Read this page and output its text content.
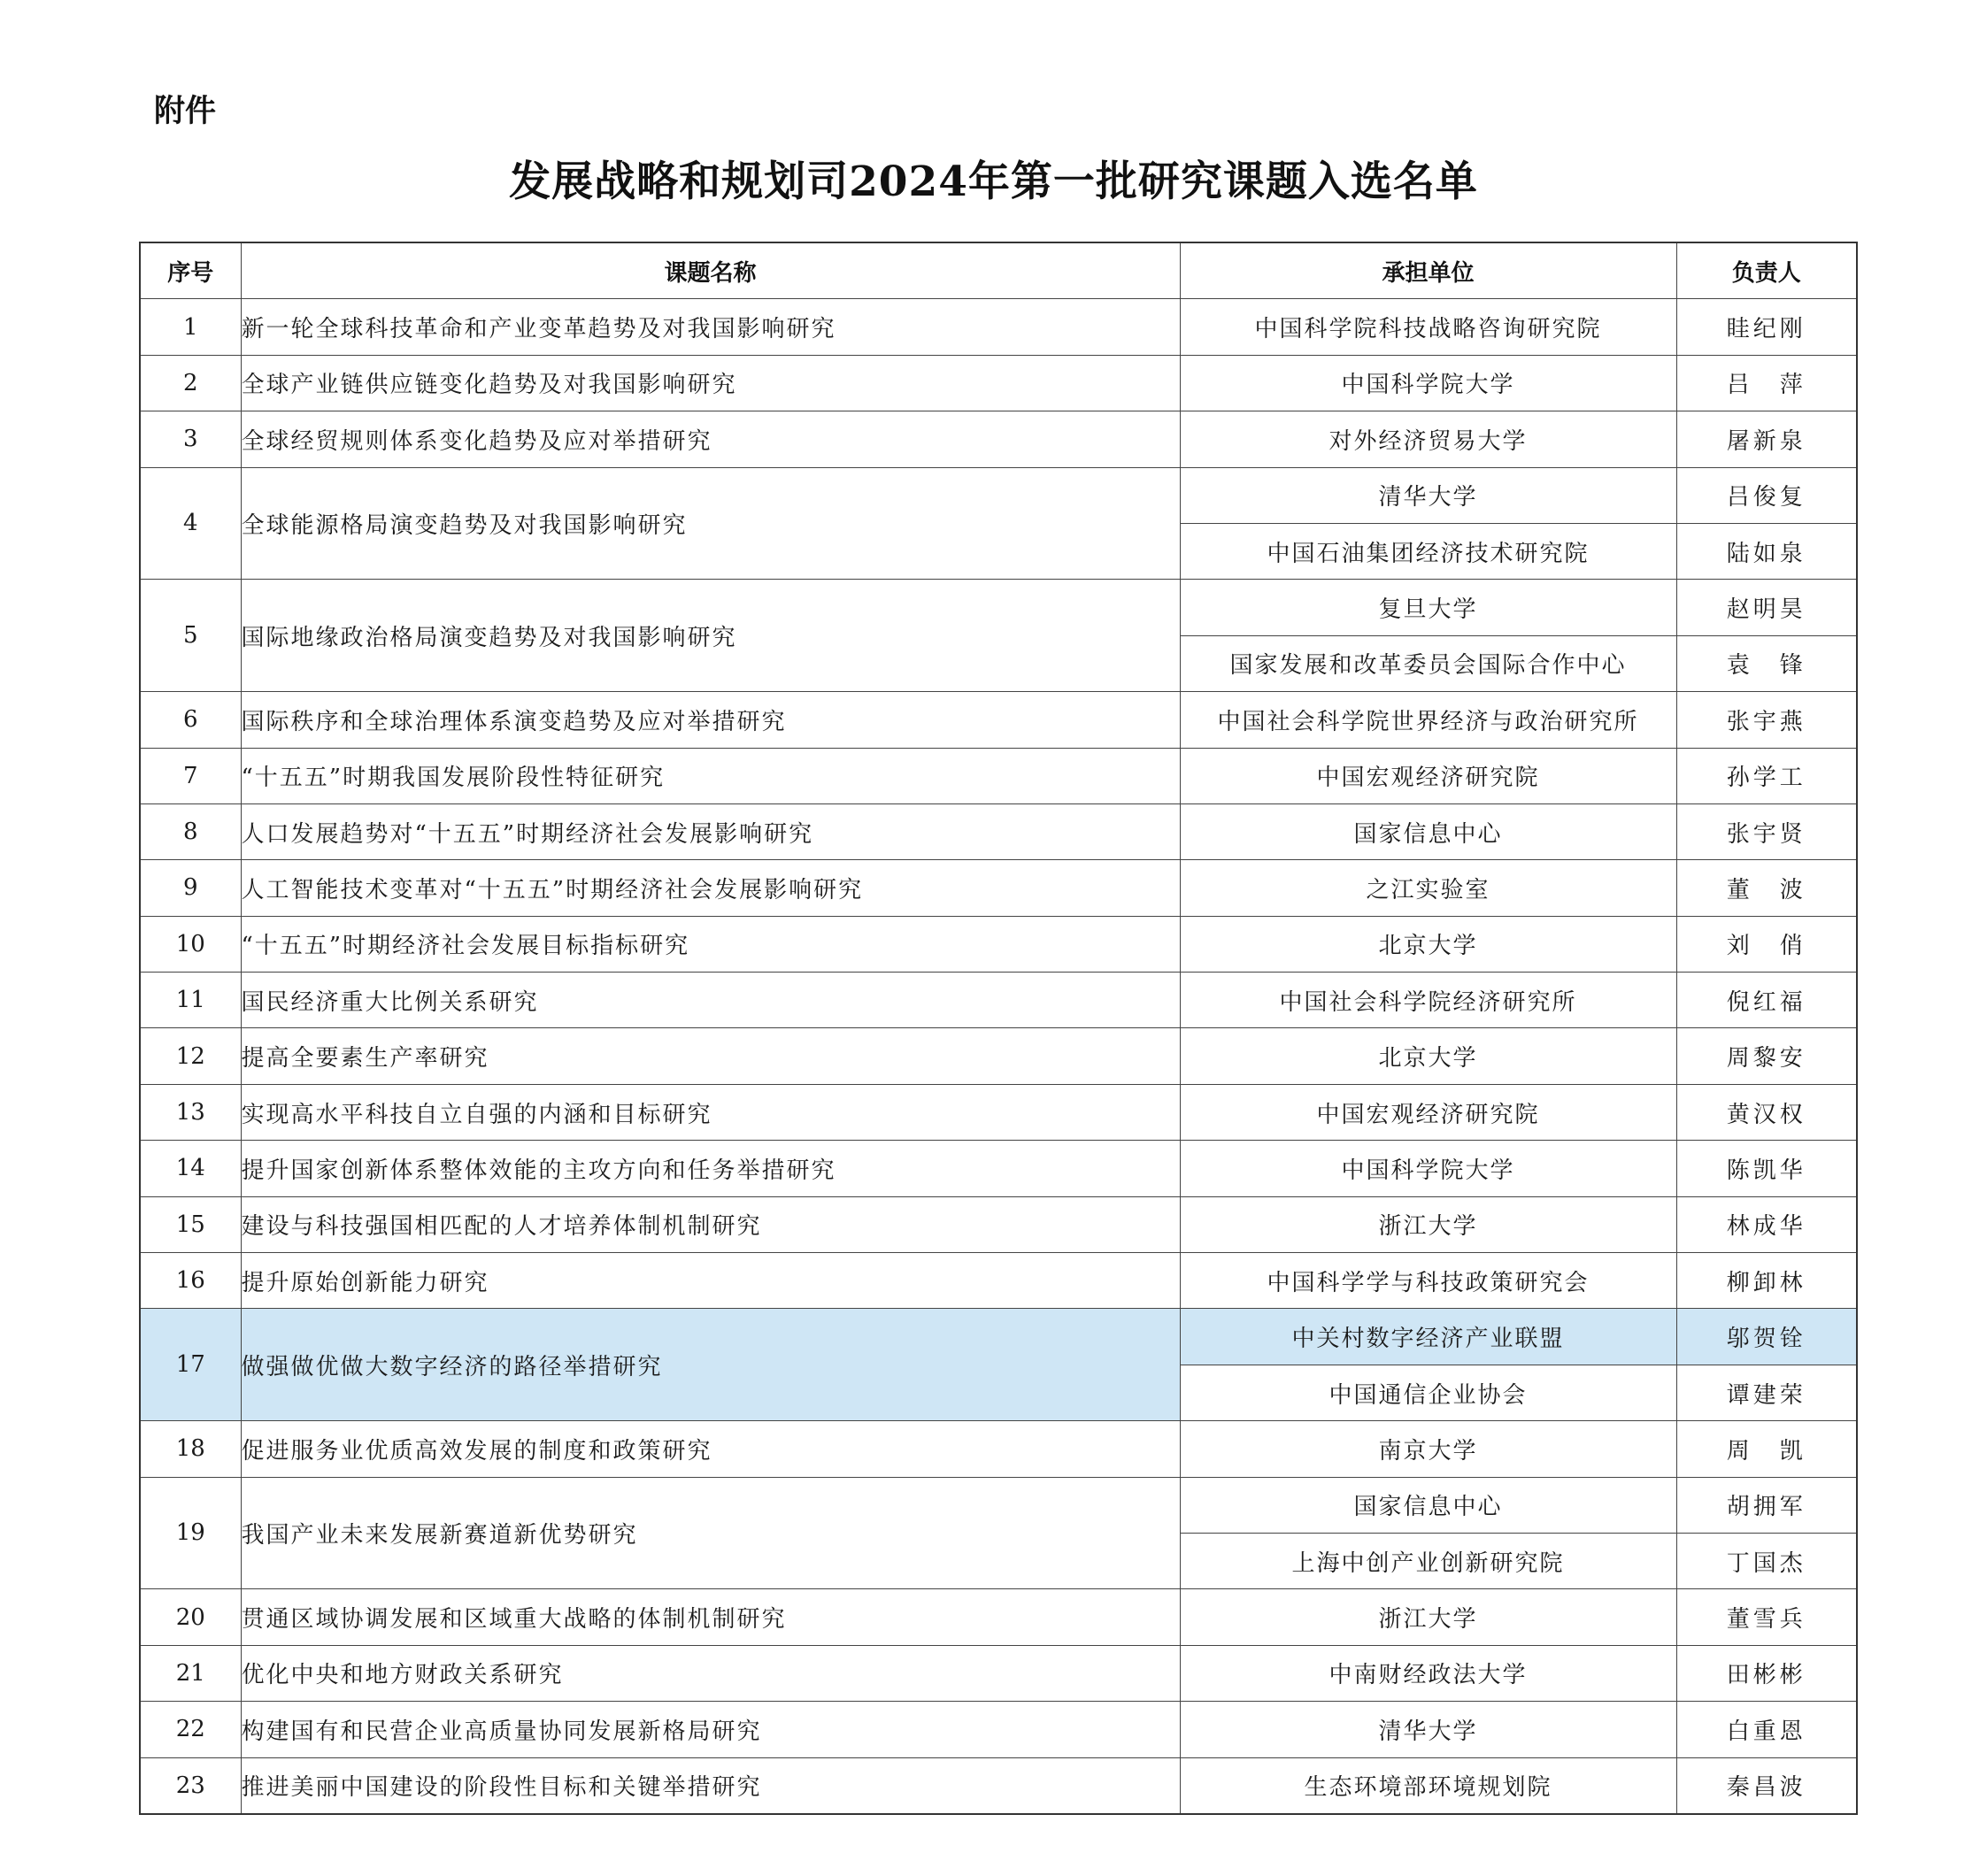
附件
发展战略和规划司2024年第一批研究课题入选名单
序号	课题名称	承担单位	负责人
1	新一轮全球科技革命和产业变革趋势及对我国影响研究	中国科学院科技战略咨询研究院	眭纪刚
2	全球产业链供应链变化趋势及对我国影响研究	中国科学院大学	吕　萍
3	全球经贸规则体系变化趋势及应对举措研究	对外经济贸易大学	屠新泉
4	全球能源格局演变趋势及对我国影响研究	清华大学	吕俊复
		中国石油集团经济技术研究院	陆如泉
5	国际地缘政治格局演变趋势及对我国影响研究	复旦大学	赵明昊
		国家发展和改革委员会国际合作中心	袁　锋
6	国际秩序和全球治理体系演变趋势及应对举措研究	中国社会科学院世界经济与政治研究所	张宇燕
7	“十五五”时期我国发展阶段性特征研究	中国宏观经济研究院	孙学工
8	人口发展趋势对“十五五”时期经济社会发展影响研究	国家信息中心	张宇贤
9	人工智能技术变革对“十五五”时期经济社会发展影响研究	之江实验室	董　波
10	“十五五”时期经济社会发展目标指标研究	北京大学	刘　俏
11	国民经济重大比例关系研究	中国社会科学院经济研究所	倪红福
12	提高全要素生产率研究	北京大学	周黎安
13	实现高水平科技自立自强的内涵和目标研究	中国宏观经济研究院	黄汉权
14	提升国家创新体系整体效能的主攻方向和任务举措研究	中国科学院大学	陈凯华
15	建设与科技强国相匹配的人才培养体制机制研究	浙江大学	林成华
16	提升原始创新能力研究	中国科学学与科技政策研究会	柳卸林
17	做强做优做大数字经济的路径举措研究	中关村数字经济产业联盟	邬贺铨
		中国通信企业协会	谭建荣
18	促进服务业优质高效发展的制度和政策研究	南京大学	周　凯
19	我国产业未来发展新赛道新优势研究	国家信息中心	胡拥军
		上海中创产业创新研究院	丁国杰
20	贯通区域协调发展和区域重大战略的体制机制研究	浙江大学	董雪兵
21	优化中央和地方财政关系研究	中南财经政法大学	田彬彬
22	构建国有和民营企业高质量协同发展新格局研究	清华大学	白重恩
23	推进美丽中国建设的阶段性目标和关键举措研究	生态环境部环境规划院	秦昌波
